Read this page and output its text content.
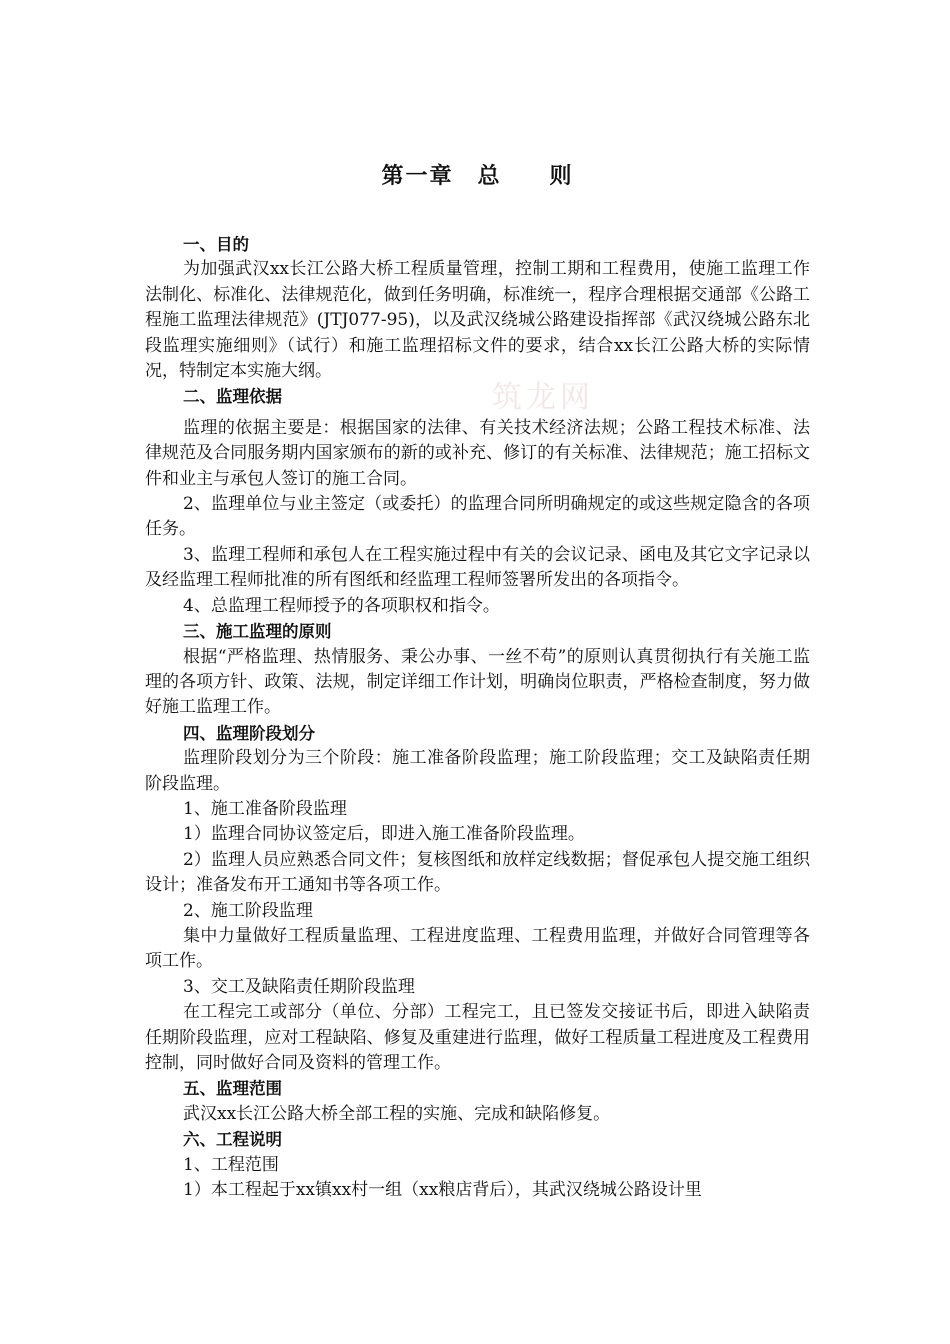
筑龙网
第一章　总　　则

一、目的

为加强武汉xx长江公路大桥工程质量管理，控制工期和工程费用，使施工监理工作法制化、标准化、法律规范化，做到任务明确，标准统一，程序合理根据交通部《公路工程施工监理法律规范》(JTJ077-95)，以及武汉绕城公路建设指挥部《武汉绕城公路东北段监理实施细则》（试行）和施工监理招标文件的要求，结合xx长江公路大桥的实际情况，特制定本实施大纲。

二、监理依据

监理的依据主要是：根据国家的法律、有关技术经济法规；公路工程技术标准、法律规范及合同服务期内国家颁布的新的或补充、修订的有关标准、法律规范；施工招标文件和业主与承包人签订的施工合同。

2、监理单位与业主签定（或委托）的监理合同所明确规定的或这些规定隐含的各项任务。

3、监理工程师和承包人在工程实施过程中有关的会议记录、函电及其它文字记录以及经监理工程师批准的所有图纸和经监理工程师签署所发出的各项指令。

4、总监理工程师授予的各项职权和指令。

三、施工监理的原则

根据“严格监理、热情服务、秉公办事、一丝不苟”的原则认真贯彻执行有关施工监理的各项方针、政策、法规，制定详细工作计划，明确岗位职责，严格检查制度，努力做好施工监理工作。

四、监理阶段划分

监理阶段划分为三个阶段：施工准备阶段监理；施工阶段监理；交工及缺陷责任期阶段监理。

1、施工准备阶段监理

1）监理合同协议签定后，即进入施工准备阶段监理。

2）监理人员应熟悉合同文件；复核图纸和放样定线数据；督促承包人提交施工组织设计；准备发布开工通知书等各项工作。

2、施工阶段监理

集中力量做好工程质量监理、工程进度监理、工程费用监理，并做好合同管理等各项工作。

3、交工及缺陷责任期阶段监理

在工程完工或部分（单位、分部）工程完工，且已签发交接证书后，即进入缺陷责任期阶段监理，应对工程缺陷、修复及重建进行监理，做好工程质量工程进度及工程费用控制，同时做好合同及资料的管理工作。

五、监理范围

武汉xx长江公路大桥全部工程的实施、完成和缺陷修复。

六、工程说明

1、工程范围

1）本工程起于xx镇xx村一组（xx粮店背后），其武汉绕城公路设计里
